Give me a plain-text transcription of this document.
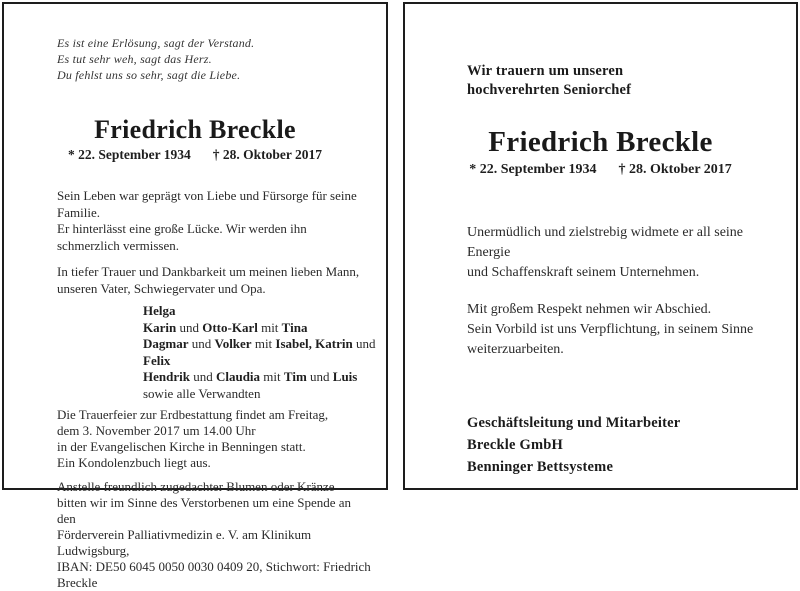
Es ist eine Erlösung, sagt der Verstand.
Es tut sehr weh, sagt das Herz.
Du fehlst uns so sehr, sagt die Liebe.
Friedrich Breckle
* 22. September 1934 † 28. Oktober 2017
Sein Leben war geprägt von Liebe und Fürsorge für seine Familie.
Er hinterlässt eine große Lücke. Wir werden ihn schmerzlich vermissen.
In tiefer Trauer und Dankbarkeit um meinen lieben Mann,
unseren Vater, Schwiegervater und Opa.
Helga
Karin und Otto-Karl mit Tina
Dagmar und Volker mit Isabel, Katrin und Felix
Hendrik und Claudia mit Tim und Luis
sowie alle Verwandten
Die Trauerfeier zur Erdbestattung findet am Freitag,
dem 3. November 2017 um 14.00 Uhr
in der Evangelischen Kirche in Benningen statt.
Ein Kondolenzbuch liegt aus.
Anstelle freundlich zugedachter Blumen oder Kränze
bitten wir im Sinne des Verstorbenen um eine Spende an den
Förderverein Palliativmedizin e. V. am Klinikum Ludwigsburg,
IBAN: DE50 6045 0050 0030 0409 20, Stichwort: Friedrich Breckle
Wir trauern um unseren
hochverehrten Seniorchef
Friedrich Breckle
* 22. September 1934 † 28. Oktober 2017
Unermüdlich und zielstrebig widmete er all seine Energie
und Schaffenskraft seinem Unternehmen.
Mit großem Respekt nehmen wir Abschied.
Sein Vorbild ist uns Verpflichtung, in seinem Sinne
weiterzuarbeiten.
Geschäftsleitung und Mitarbeiter
Breckle GmbH
Benninger Bettsysteme
